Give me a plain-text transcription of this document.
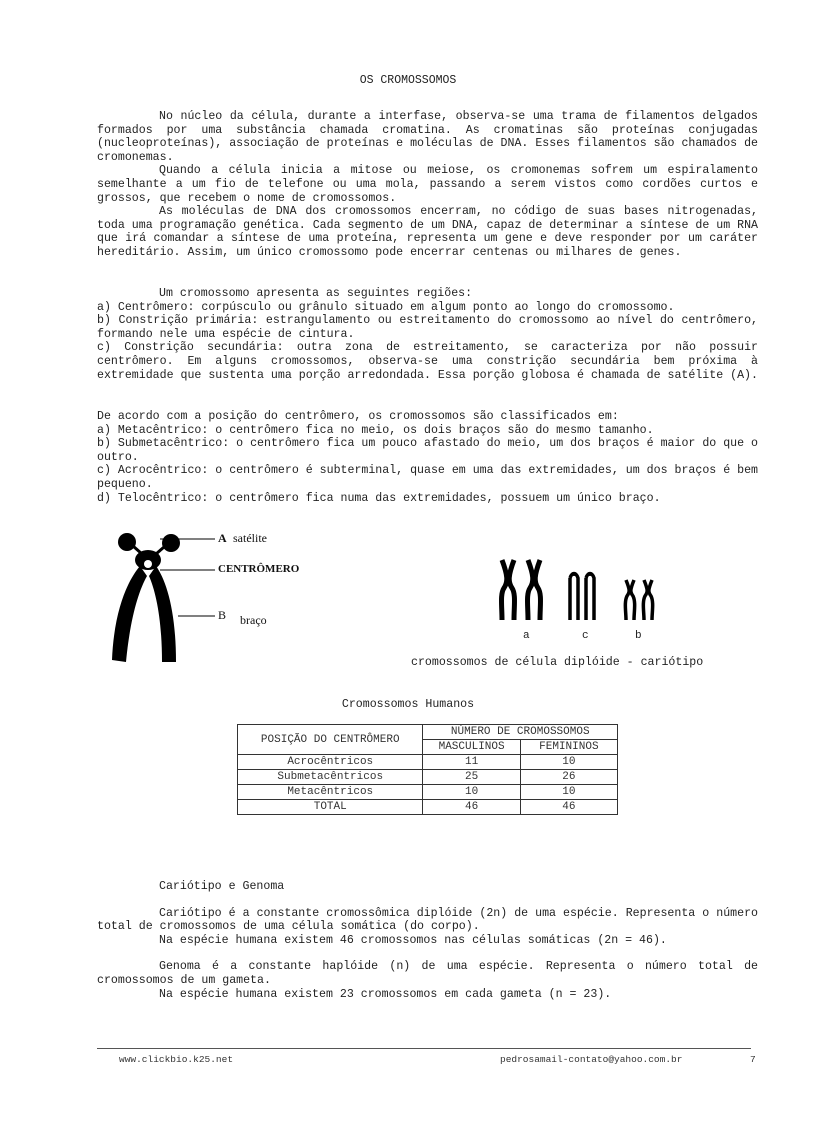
OS CROMOSSOMOS

No núcleo da célula, durante a interfase, observa-se uma trama de filamentos delgados formados por uma substância chamada cromatina. As cromatinas são proteínas conjugadas (nucleoproteínas), associação de proteínas e moléculas de DNA. Esses filamentos são chamados de cromonemas.

Quando a célula inicia a mitose ou meiose, os cromonemas sofrem um espiralamento semelhante a um fio de telefone ou uma mola, passando a serem vistos como cordões curtos e grossos, que recebem o nome de cromossomos.

As moléculas de DNA dos cromossomos encerram, no código de suas bases nitrogenadas, toda uma programação genética. Cada segmento de um DNA, capaz de determinar a síntese de um RNA que irá comandar a síntese de uma proteína, representa um gene e deve responder por um caráter hereditário. Assim, um único cromossomo pode encerrar centenas ou milhares de genes.

Um cromossomo apresenta as seguintes regiões:

a) Centrômero: corpúsculo ou grânulo situado em algum ponto ao longo do cromossomo.

b) Constrição primária: estrangulamento ou estreitamento do cromossomo ao nível do centrômero, formando nele uma espécie de cintura.

c) Constrição secundária: outra zona de estreitamento, se caracteriza por não possuir centrômero. Em alguns cromossomos, observa-se uma constrição secundária bem próxima à extremidade que sustenta uma porção arredondada. Essa porção globosa é chamada de satélite (A).

De acordo com a posição do centrômero, os cromossomos são classificados em:

a) Metacêntrico: o centrômero fica no meio, os dois braços são do mesmo tamanho.

b) Submetacêntrico: o centrômero fica um pouco afastado do meio, um dos braços é maior do que o outro.

c) Acrocêntrico: o centrômero é subterminal, quase em uma das extremidades, um dos braços é bem pequeno.

d) Telocêntrico: o centrômero fica numa das extremidades, possuem um único braço.

A satélite
CENTRÔMERO
B braço
a	c	b
cromossomos de célula diplóide - cariótipo
Cromossomos Humanos
POSIÇÃO DO CENTRÔMERO	NÚMERO DE CROMOSSOMOS	
	MASCULINOS	FEMININOS
Acrocêntricos	11	10
Submetacêntricos	25	26
Metacêntricos	10	10
TOTAL	46	46

Cariótipo e Genoma

Cariótipo é a constante cromossômica diplóide (2n) de uma espécie. Representa o número total de cromossomos de uma célula somática (do corpo).

Na espécie humana existem 46 cromossomos nas células somáticas (2n = 46).

Genoma é a constante haplóide (n) de uma espécie. Representa o número total de cromossomos de um gameta.

Na espécie humana existem 23 cromossomos em cada gameta (n = 23).

www.clickbio.k25.net	pedrosamail-contato@yahoo.com.br	7
